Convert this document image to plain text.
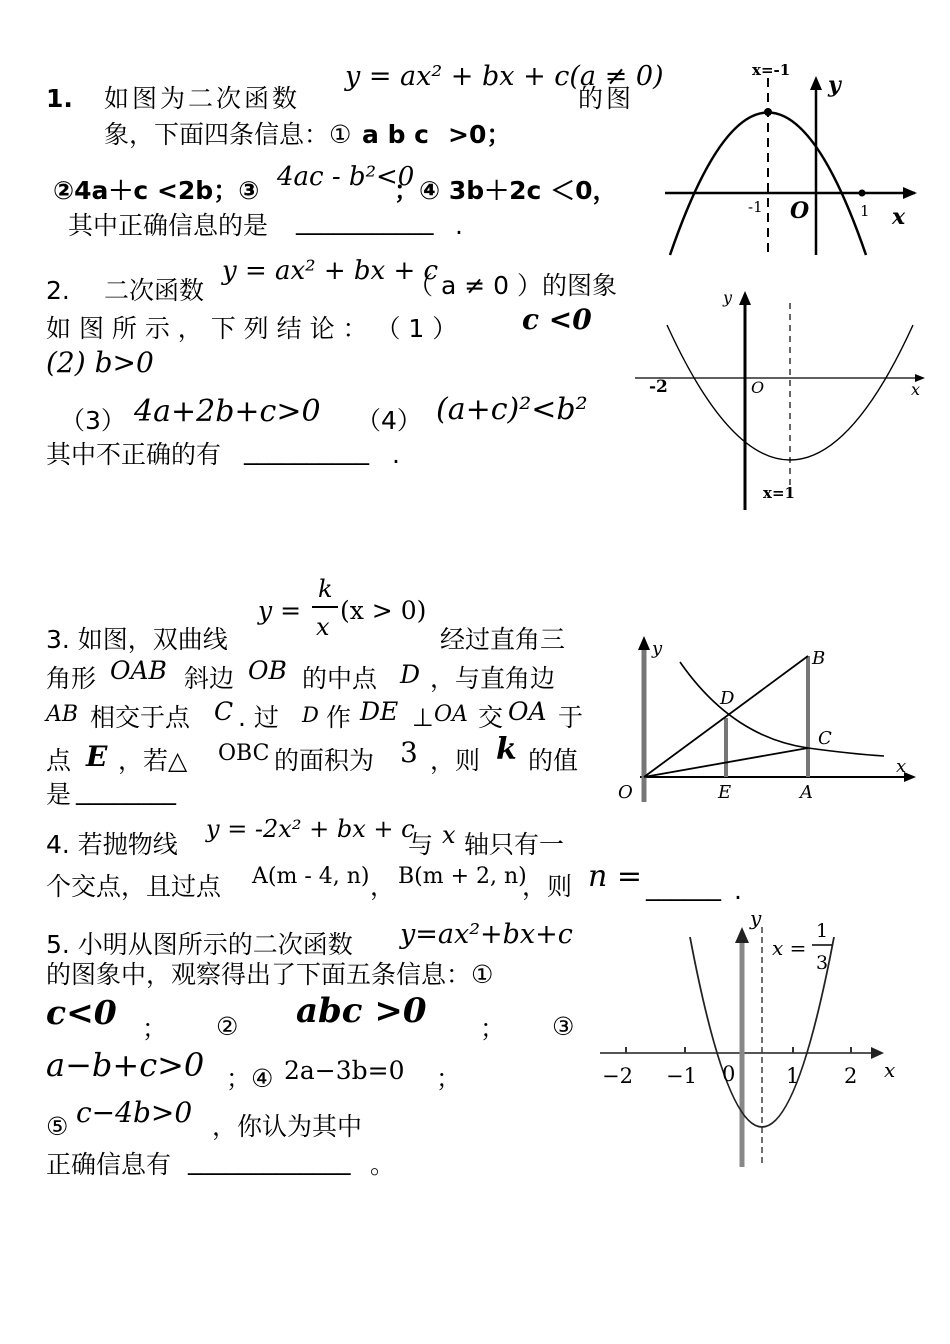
1. 如图为二次函数
y = ax² + bx + c(a ≠ 0)
的图
象，下面四条信息：① a b c >0；
②4a＋c <2b；③ 4ac - b²<0
；④ 3b＋2c ＜0，
其中正确信息的是 ___________ .
x=-1
y
x
-1 O	1
2. 二次函数
y = ax² + bx + c
（ a ≠ 0 ）的图象
如 图 所 示 ， 下 列 结 论 ： （ 1 ） c <0
(2) b>0
（3） 4a+2b+c>0 （4） (a+c)²<b²
其中不正确的有 __________ .
y
x
-2	O
x=1
y =
k
x
(x > 0)
3. 如图，双曲线	经过直角三
角形 OAB 斜边 OB 的中点 D ，与直角边
AB 相交于点 C . 过 D 作 DE ⊥ OA 交 OA 于
点 E ，若△ OBC 的面积为 3 ，则 k 的值
是 ________
y
x
O	E	A
B
C
D
4. 若抛物线
y = -2x² + bx + c
与 x 轴只有一
个交点，且过点 A(m - 4, n) ， B(m + 2, n)
，则 n = ______ .
5. 小明从图所示的二次函数 y=ax²+bx+c
的图象中，观察得出了下面五条信息：①
c<0 ； ② abc >0 ； ③
a−b+c>0 ；④ 2a−3b=0 ；
⑤ c−4b>0 ，你认为其中
正确信息有 _____________ 。
y
x
x =
1
3
−2 −1 0 1 2
